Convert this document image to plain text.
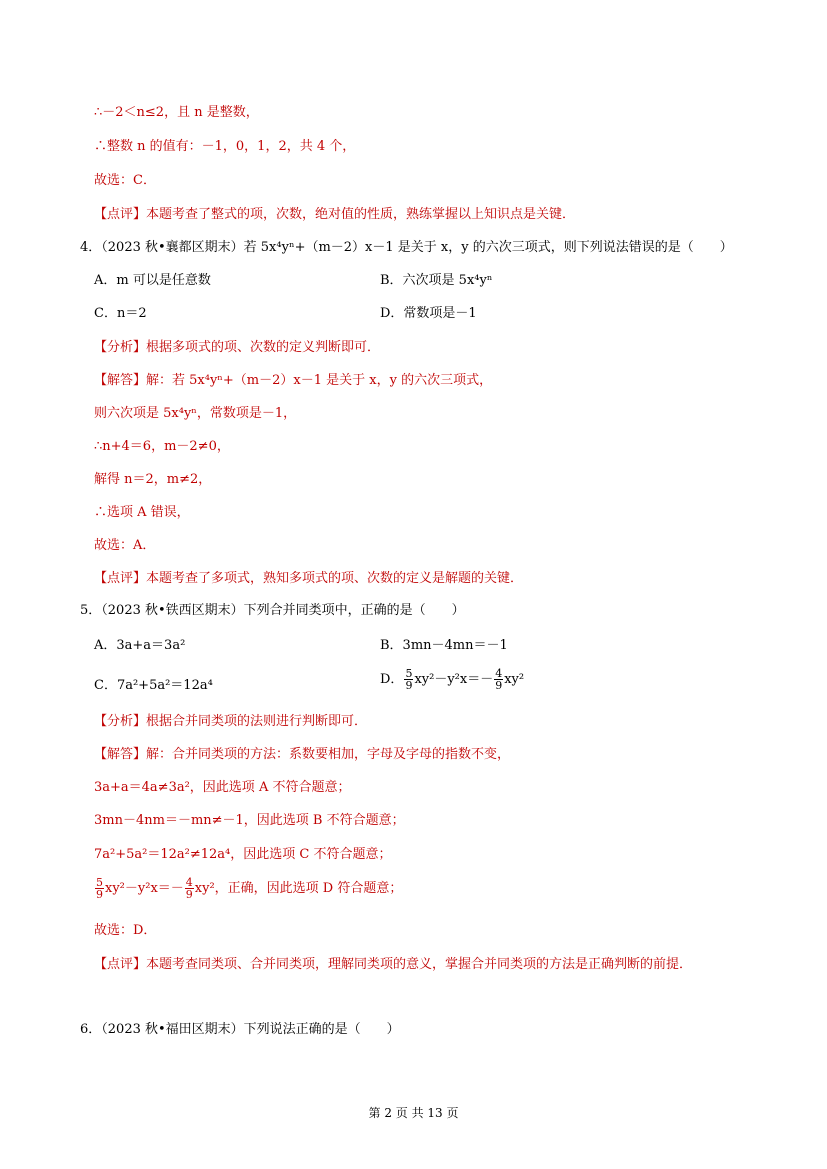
∴－2＜n≤2，且 n 是整数，
∴整数 n 的值有：－1，0，1，2，共 4 个，
故选：C．
【点评】本题考查了整式的项，次数，绝对值的性质，熟练掌握以上知识点是关键．
4．（2023 秋•襄都区期末）若 5x⁴yⁿ+（m－2）x－1 是关于 x，y 的六次三项式，则下列说法错误的是（　　）
A．m 可以是任意数	B．六次项是 5x⁴yⁿ
C．n＝2	D．常数项是－1
【分析】根据多项式的项、次数的定义判断即可．
【解答】解：若 5x⁴yⁿ+（m－2）x－1 是关于 x，y 的六次三项式，
则六次项是 5x⁴yⁿ，常数项是－1，
∴n+4＝6，m－2≠0，
解得 n＝2，m≠2，
∴选项 A 错误，
故选：A．
【点评】本题考查了多项式，熟知多项式的项、次数的定义是解题的关键．
5．（2023 秋•铁西区期末）下列合并同类项中，正确的是（　　）
A．3a+a＝3a²	B．3mn－4mn＝－1
C．7a²+5a²＝12a⁴	D． $\frac{5}{9} xy^2-y^2x=- \frac{4}{9} xy^2$
【分析】根据合并同类项的法则进行判断即可．
【解答】解：合并同类项的方法：系数要相加，字母及字母的指数不变，
3a+a＝4a≠3a²，因此选项 A 不符合题意；
3mn－4nm＝－mn≠－1，因此选项 B 不符合题意；
7a²+5a²＝12a²≠12a⁴，因此选项 C 不符合题意；
$\frac{5}{9} xy^2-y^2x=- \frac{4}{9} xy^2$，正确，因此选项 D 符合题意；
故选：D．
【点评】本题考查同类项、合并同类项，理解同类项的意义，掌握合并同类项的方法是正确判断的前提．
6．（2023 秋•福田区期末）下列说法正确的是（　　）
第 2 页 共 13 页
